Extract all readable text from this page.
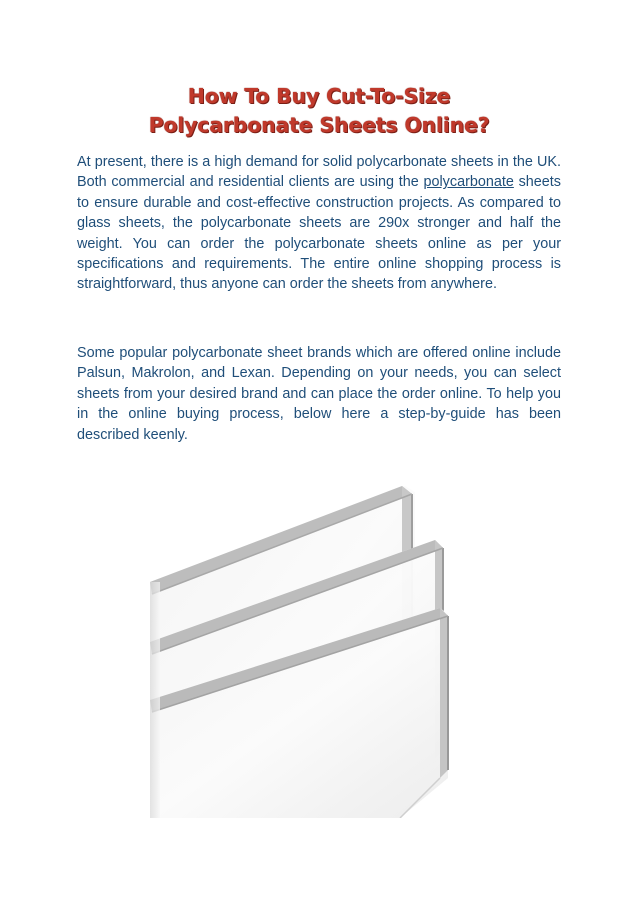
How To Buy Cut-To-Size
Polycarbonate Sheets Online?

At present, there is a high demand for solid polycarbonate sheets in the UK. Both commercial and residential clients are using the polycarbonate sheets to ensure durable and cost-effective construction projects. As compared to glass sheets, the polycarbonate sheets are 290x stronger and half the weight. You can order the polycarbonate sheets online as per your specifications and requirements. The entire online shopping process is straightforward, thus anyone can order the sheets from anywhere.

Some popular polycarbonate sheet brands which are offered online include Palsun, Makrolon, and Lexan. Depending on your needs, you can select sheets from your desired brand and can place the order online. To help you in the online buying process, below here a step-by-guide has been described keenly.
